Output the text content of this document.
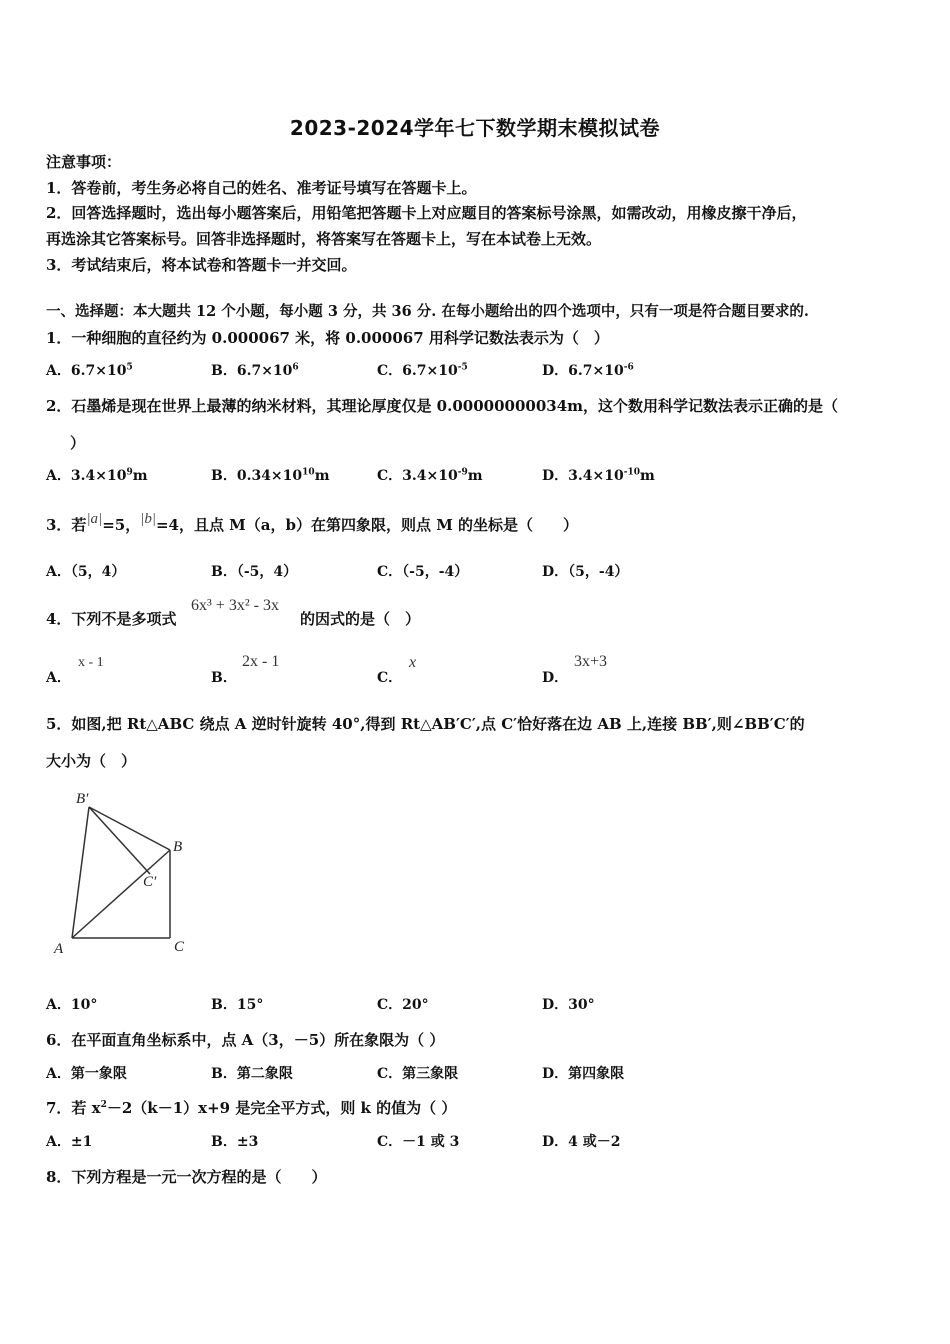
2023-2024学年七下数学期末模拟试卷
注意事项：
1．答卷前，考生务必将自己的姓名、准考证号填写在答题卡上。
2．回答选择题时，选出每小题答案后，用铅笔把答题卡上对应题目的答案标号涂黑，如需改动，用橡皮擦干净后，
再选涂其它答案标号。回答非选择题时，将答案写在答题卡上，写在本试卷上无效。
3．考试结束后，将本试卷和答题卡一并交回。
一、选择题：本大题共 12 个小题，每小题 3 分，共 36 分. 在每小题给出的四个选项中，只有一项是符合题目要求的.
1．一种细胞的直径约为 0.000067 米，将 0.000067 用科学记数法表示为（　）
A．$6.7\times 10^5$	B．$6.7\times 10^6$	C．$6.7\times 10^{-5}$	D．$6.7\times 10^{-6}$
2．石墨烯是现在世界上最薄的纳米材料，其理论厚度仅是 0.00000000034m，这个数用科学记数法表示正确的是（
）
A．$3.4\times 10^9m$	B．$0.34\times 10^{10}m$	C．$3.4\times 10^{-9}m$	D．$3.4\times 10^{-10}m$
3．若|a|=5，|b|=4，且点 M（a，b）在第四象限，则点 M 的坐标是（　　）
A．（5，4）	B．（-5，4）	C．（-5，-4）	D．（5，-4）
4．下列不是多项式
6x³ + 3x² - 3x
的因式的是（　）
A．
x - 1
B．
2x - 1
C．
x
D．
3x+3
5．如图,把 Rt△ABC 绕点 A 逆时针旋转 40°,得到 Rt△AB′C′,点 C′恰好落在边 AB 上,连接 BB′,则∠BB′C′的
大小为（　）
B′
B
C′
A	C
A．10°	B．15°	C．20°	D．30°
6．在平面直角坐标系中，点 A（3，－5）所在象限为（ ）
A．第一象限	B．第二象限	C．第三象限	D．第四象限
7．若 $x^2-2(k-1)x+9$ 是完全平方式，则 k 的值为（ ）
A．±1	B．±3	C．－1 或 3	D．4 或－2
8．下列方程是一元一次方程的是（　　）
